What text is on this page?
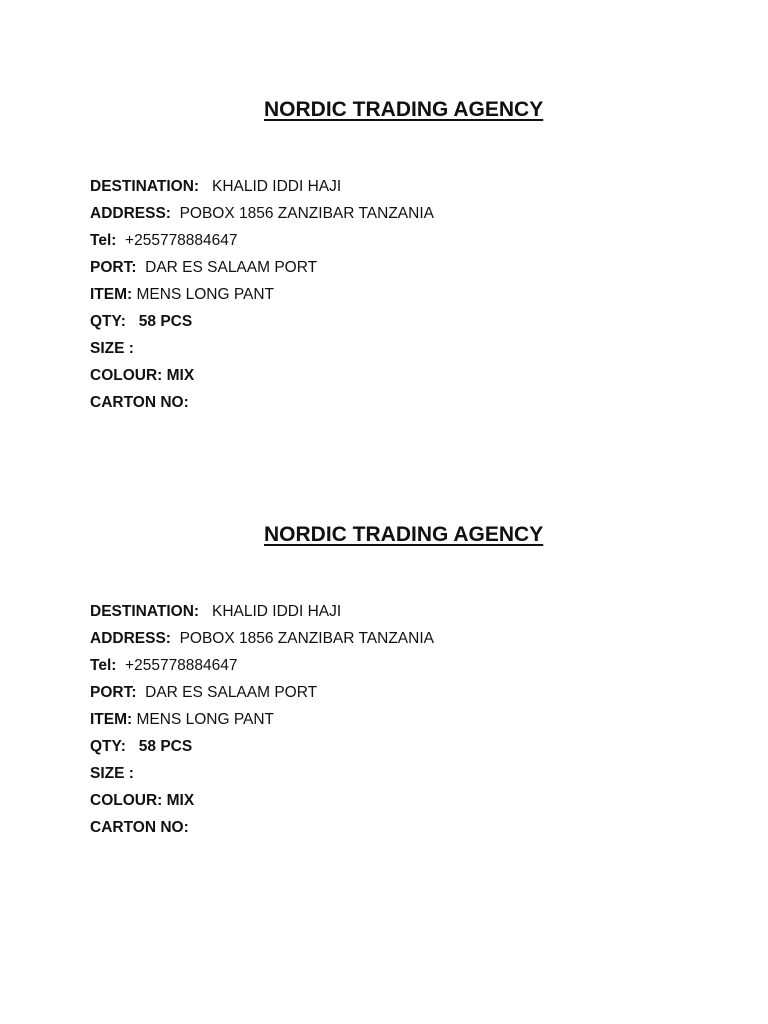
NORDIC TRADING AGENCY
DESTINATION: KHALID IDDI HAJI
ADDRESS: POBOX 1856 ZANZIBAR TANZANIA
Tel: +255778884647
PORT: DAR ES SALAAM PORT
ITEM: MENS LONG PANT
QTY: 58 PCS
SIZE :
COLOUR: MIX
CARTON NO:
NORDIC TRADING AGENCY
DESTINATION: KHALID IDDI HAJI
ADDRESS: POBOX 1856 ZANZIBAR TANZANIA
Tel: +255778884647
PORT: DAR ES SALAAM PORT
ITEM: MENS LONG PANT
QTY: 58 PCS
SIZE :
COLOUR: MIX
CARTON NO:
